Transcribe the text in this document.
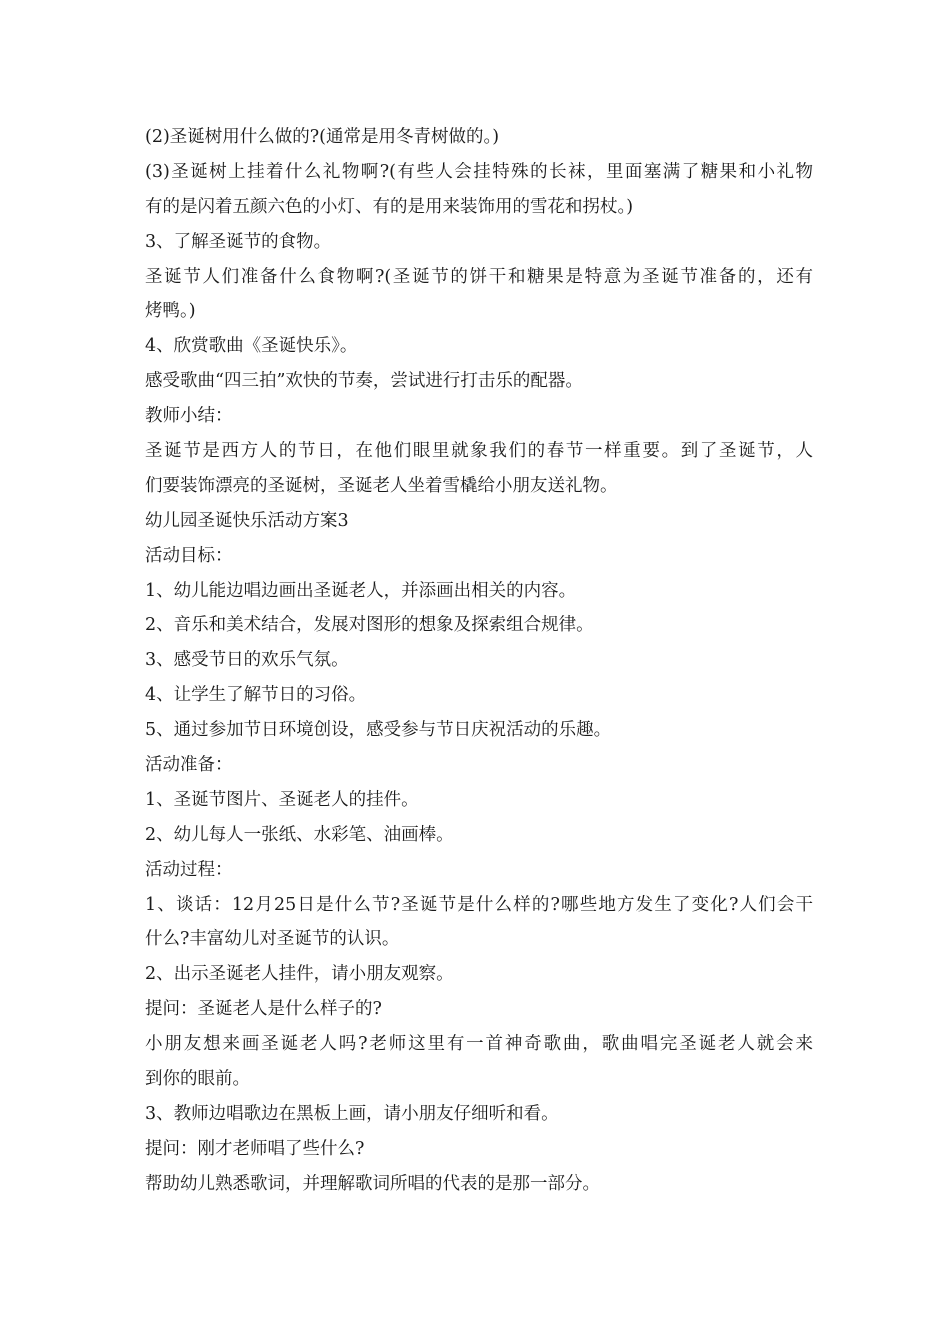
(2)圣诞树用什么做的?(通常是用冬青树做的。)
(3)圣诞树上挂着什么礼物啊?(有些人会挂特殊的长袜，里面塞满了糖果和小礼物
有的是闪着五颜六色的小灯、有的是用来装饰用的雪花和拐杖。)
3、了解圣诞节的食物。
圣诞节人们准备什么食物啊?(圣诞节的饼干和糖果是特意为圣诞节准备的，还有
烤鸭。)
4、欣赏歌曲《圣诞快乐》。
感受歌曲“四三拍”欢快的节奏，尝试进行打击乐的配器。
教师小结：
圣诞节是西方人的节日，在他们眼里就象我们的春节一样重要。到了圣诞节，人
们要装饰漂亮的圣诞树，圣诞老人坐着雪橇给小朋友送礼物。
幼儿园圣诞快乐活动方案3
活动目标：
1、幼儿能边唱边画出圣诞老人，并添画出相关的内容。
2、音乐和美术结合，发展对图形的想象及探索组合规律。
3、感受节日的欢乐气氛。
4、让学生了解节日的习俗。
5、通过参加节日环境创设，感受参与节日庆祝活动的乐趣。
活动准备：
1、圣诞节图片、圣诞老人的挂件。
2、幼儿每人一张纸、水彩笔、油画棒。
活动过程：
1、谈话：12月25日是什么节?圣诞节是什么样的?哪些地方发生了变化?人们会干
什么?丰富幼儿对圣诞节的认识。
2、出示圣诞老人挂件，请小朋友观察。
提问：圣诞老人是什么样子的?
小朋友想来画圣诞老人吗?老师这里有一首神奇歌曲，歌曲唱完圣诞老人就会来
到你的眼前。
3、教师边唱歌边在黑板上画，请小朋友仔细听和看。
提问：刚才老师唱了些什么?
帮助幼儿熟悉歌词，并理解歌词所唱的代表的是那一部分。
